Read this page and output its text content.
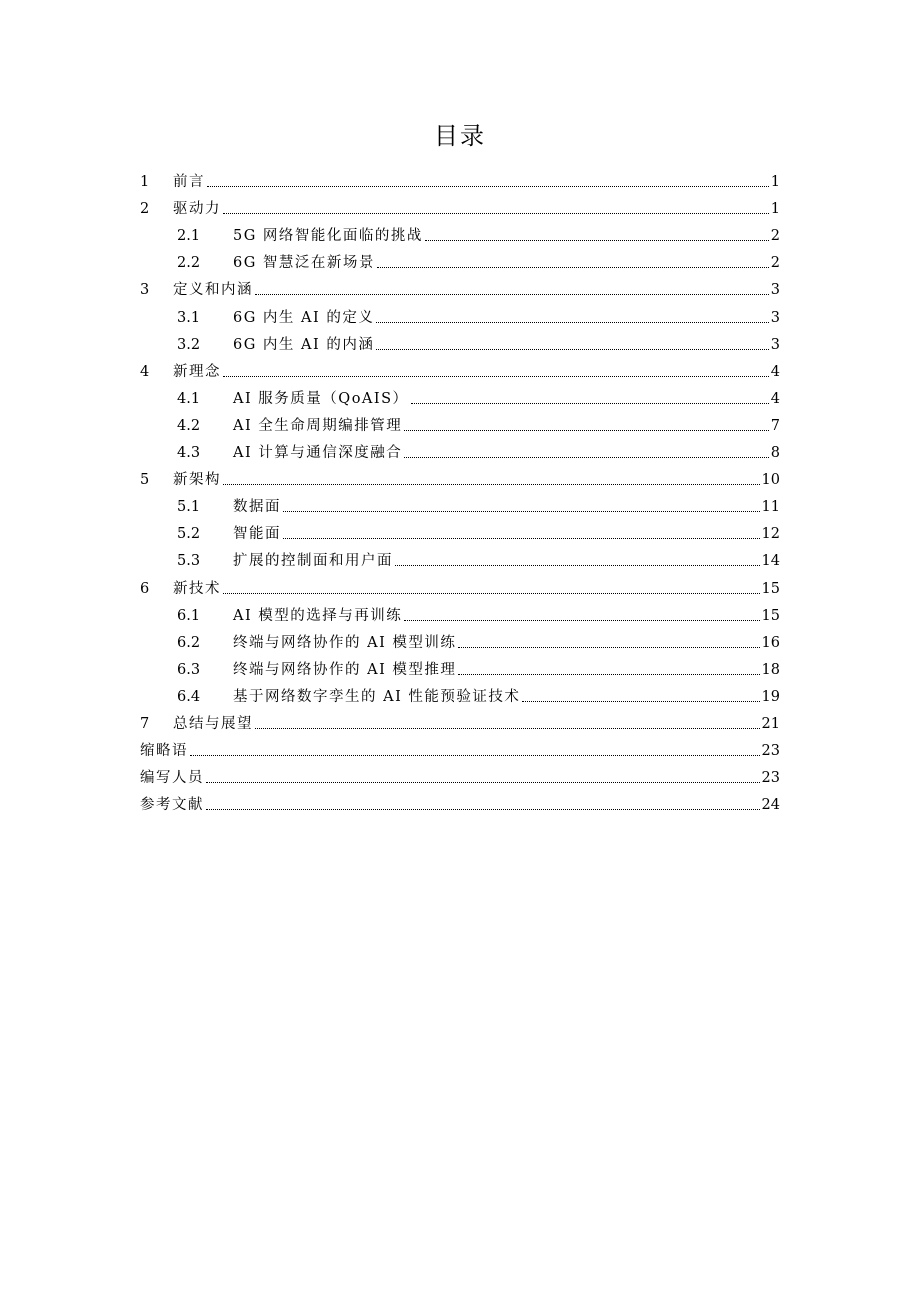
目录
1	前言	1
2	驱动力	1
2.1	5G 网络智能化面临的挑战	2
2.2	6G 智慧泛在新场景	2
3	定义和内涵	3
3.1	6G 内生 AI 的定义	3
3.2	6G 内生 AI 的内涵	3
4	新理念	4
4.1	AI 服务质量（QoAIS）	4
4.2	AI 全生命周期编排管理	7
4.3	AI 计算与通信深度融合	8
5	新架构	10
5.1	数据面	11
5.2	智能面	12
5.3	扩展的控制面和用户面	14
6	新技术	15
6.1	AI 模型的选择与再训练	15
6.2	终端与网络协作的 AI 模型训练	16
6.3	终端与网络协作的 AI 模型推理	18
6.4	基于网络数字孪生的 AI 性能预验证技术	19
7	总结与展望	21
缩略语	23
编写人员	23
参考文献	24
